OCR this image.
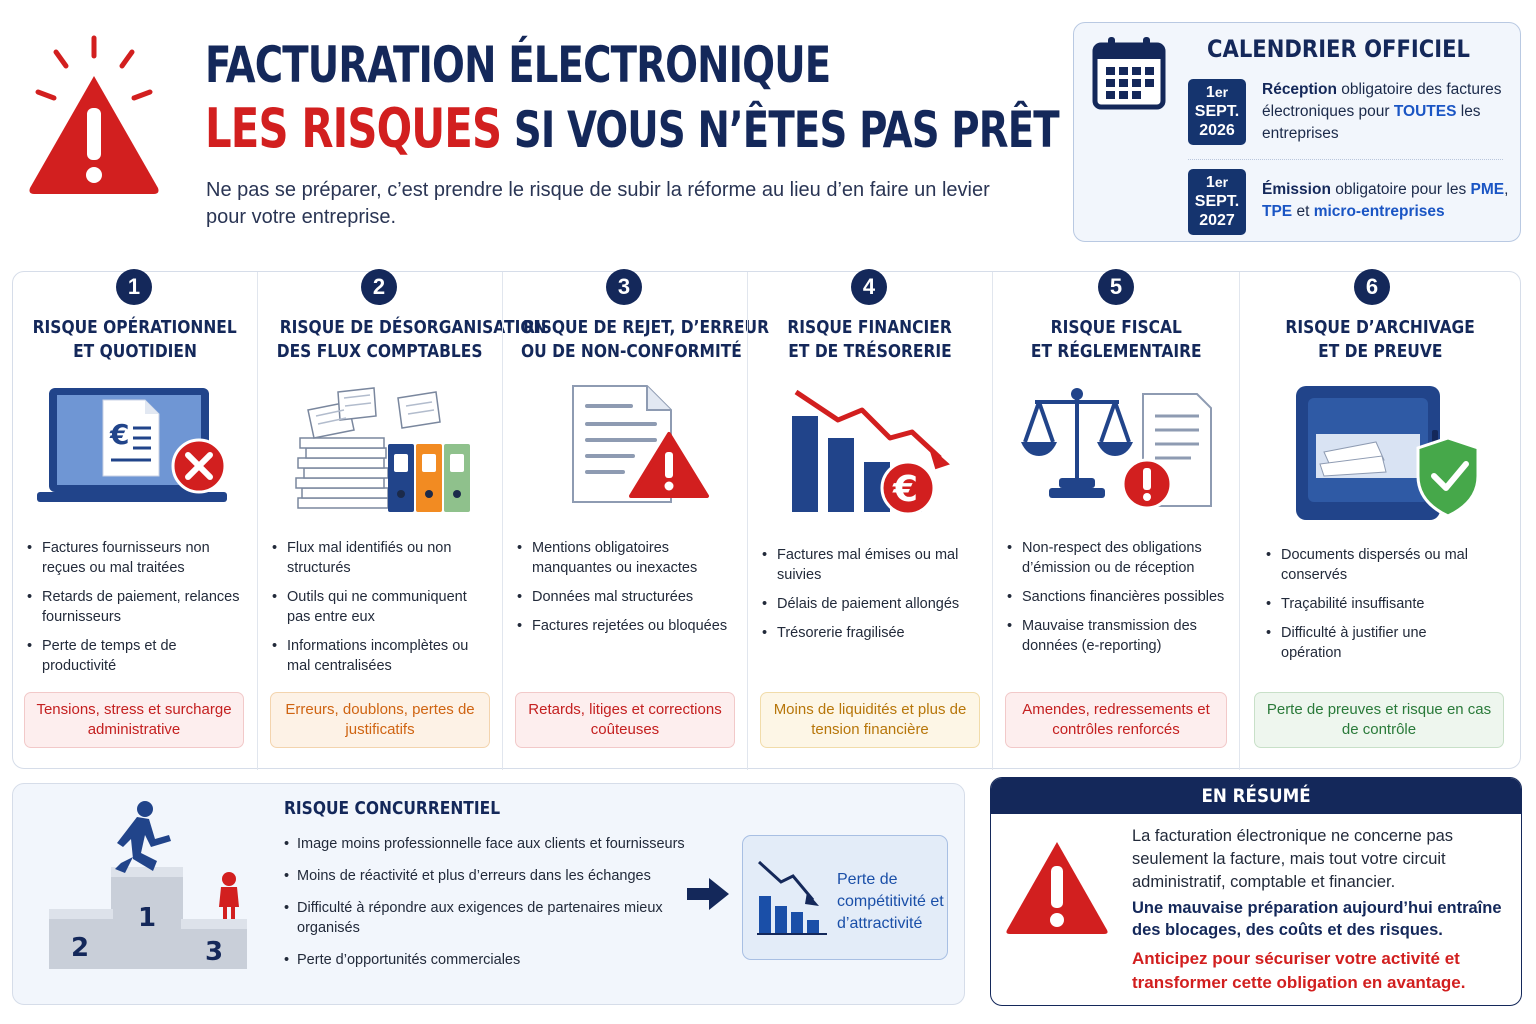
FACTURATION ÉLECTRONIQUE
LES RISQUES SI VOUS N’ÊTES PAS PRÊT
Ne pas se préparer, c’est prendre le risque de subir la réforme au lieu d’en faire un levier pour votre entreprise.
CALENDRIER OFFICIEL
1er
SEPT.
2026
Réception obligatoire des factures électroniques pour TOUTES les entreprises
1er
SEPT.
2027
Émission obligatoire pour les PME, TPE et micro-entreprises
1
RISQUE OPÉRATIONNEL
ET QUOTIDIEN
€
• Factures fournisseurs non reçues ou mal traitées
• Retards de paiement, relances fournisseurs
• Perte de temps et de productivité
Tensions, stress et surcharge administrative
2
RISQUE DE DÉSORGANISATION
DES FLUX COMPTABLES
• Flux mal identifiés ou non structurés
• Outils qui ne communiquent pas entre eux
• Informations incomplètes ou mal centralisées
Erreurs, doublons, pertes de justificatifs
3
RISQUE DE REJET, D’ERREUR
OU DE NON-CONFORMITÉ
• Mentions obligatoires manquantes ou inexactes
• Données mal structurées
• Factures rejetées ou bloquées
Retards, litiges et corrections coûteuses
4
RISQUE FINANCIER
ET DE TRÉSORERIE
€
• Factures mal émises ou mal suivies
• Délais de paiement allongés
• Trésorerie fragilisée
Moins de liquidités et plus de tension financière
5
RISQUE FISCAL
ET RÉGLEMENTAIRE
• Non-respect des obligations d’émission ou de réception
• Sanctions financières possibles
• Mauvaise transmission des données (e-reporting)
Amendes, redressements et contrôles renforcés
6
RISQUE D’ARCHIVAGE
ET DE PREUVE
• Documents dispersés ou mal conservés
• Traçabilité insuffisante
• Difficulté à justifier une opération
Perte de preuves et risque en cas de contrôle
1
2	3
RISQUE CONCURRENTIEL
• Image moins professionnelle face aux clients et fournisseurs
• Moins de réactivité et plus d’erreurs dans les échanges
• Difficulté à répondre aux exigences de partenaires mieux organisés
• Perte d’opportunités commerciales
Perte de compétitivité et d’attractivité
EN RÉSUMÉ
La facturation électronique ne concerne pas seulement la facture, mais tout votre circuit administratif, comptable et financier.
Une mauvaise préparation aujourd’hui entraîne des blocages, des coûts et des risques.
Anticipez pour sécuriser votre activité et transformer cette obligation en avantage.
